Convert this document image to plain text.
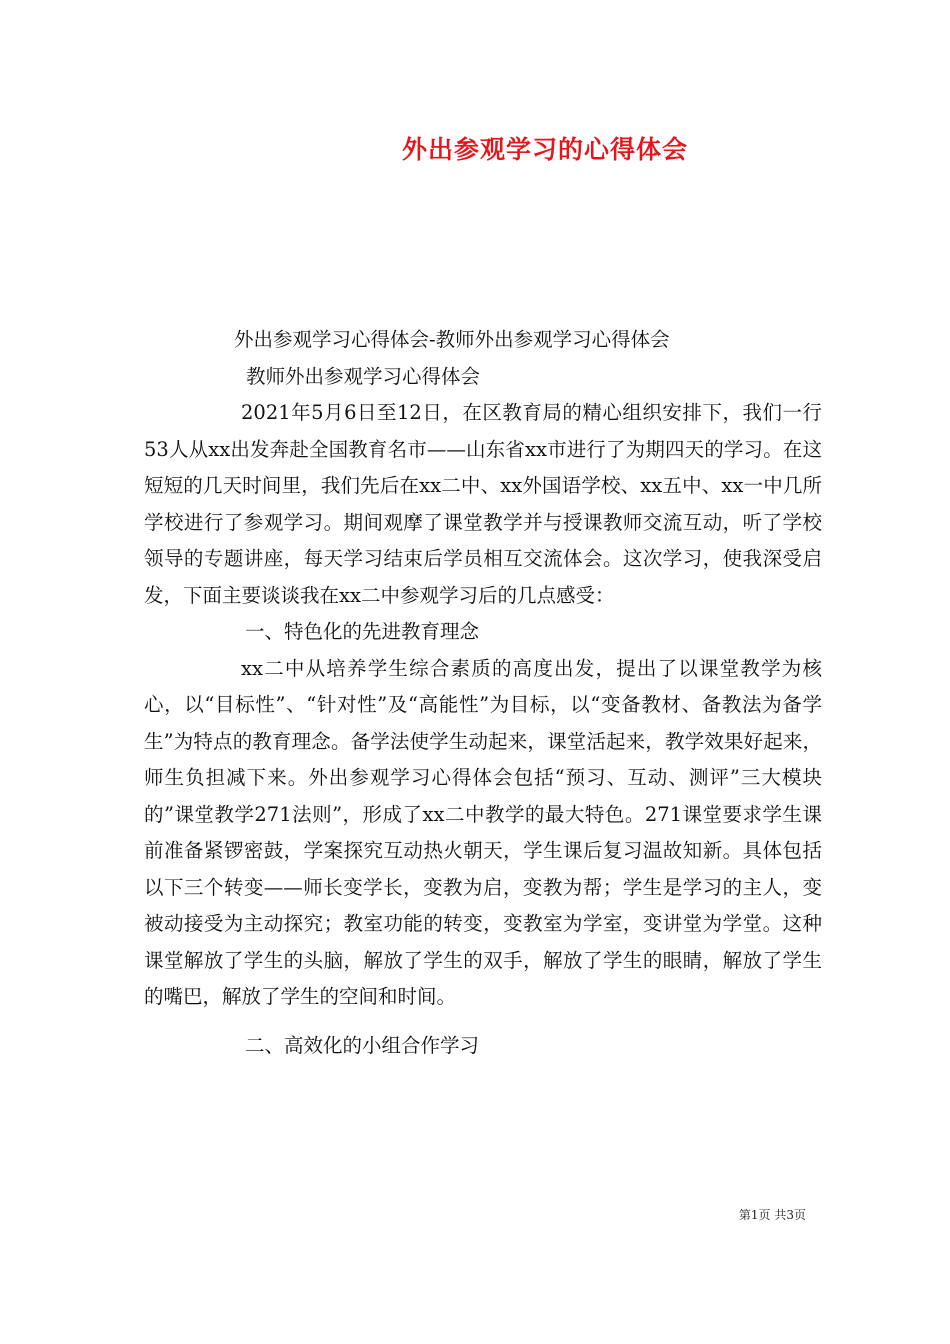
外出参观学习的心得体会

外出参观学习心得体会-教师外出参观学习心得体会

教师外出参观学习心得体会

2021年5月6日至12日，在区教育局的精心组织安排下，我们一行53人从xx出发奔赴全国教育名市——山东省xx市进行了为期四天的学习。在这短短的几天时间里，我们先后在xx二中、xx外国语学校、xx五中、xx一中几所学校进行了参观学习。期间观摩了课堂教学并与授课教师交流互动，听了学校领导的专题讲座，每天学习结束后学员相互交流体会。这次学习，使我深受启发，下面主要谈谈我在xx二中参观学习后的几点感受：

一、特色化的先进教育理念

xx二中从培养学生综合素质的高度出发，提出了以课堂教学为核心，以“目标性”、“针对性”及“高能性”为目标，以“变备教材、备教法为备学生”为特点的教育理念。备学法使学生动起来，课堂活起来，教学效果好起来，师生负担减下来。外出参观学习心得体会包括“预习、互动、测评”三大模块的”课堂教学271法则”，形成了xx二中教学的最大特色。271课堂要求学生课前准备紧锣密鼓，学案探究互动热火朝天，学生课后复习温故知新。具体包括以下三个转变——师长变学长，变教为启，变教为帮；学生是学习的主人，变被动接受为主动探究；教室功能的转变，变教室为学室，变讲堂为学堂。这种课堂解放了学生的头脑，解放了学生的双手，解放了学生的眼睛，解放了学生的嘴巴，解放了学生的空间和时间。

二、高效化的小组合作学习

第1页 共3页
